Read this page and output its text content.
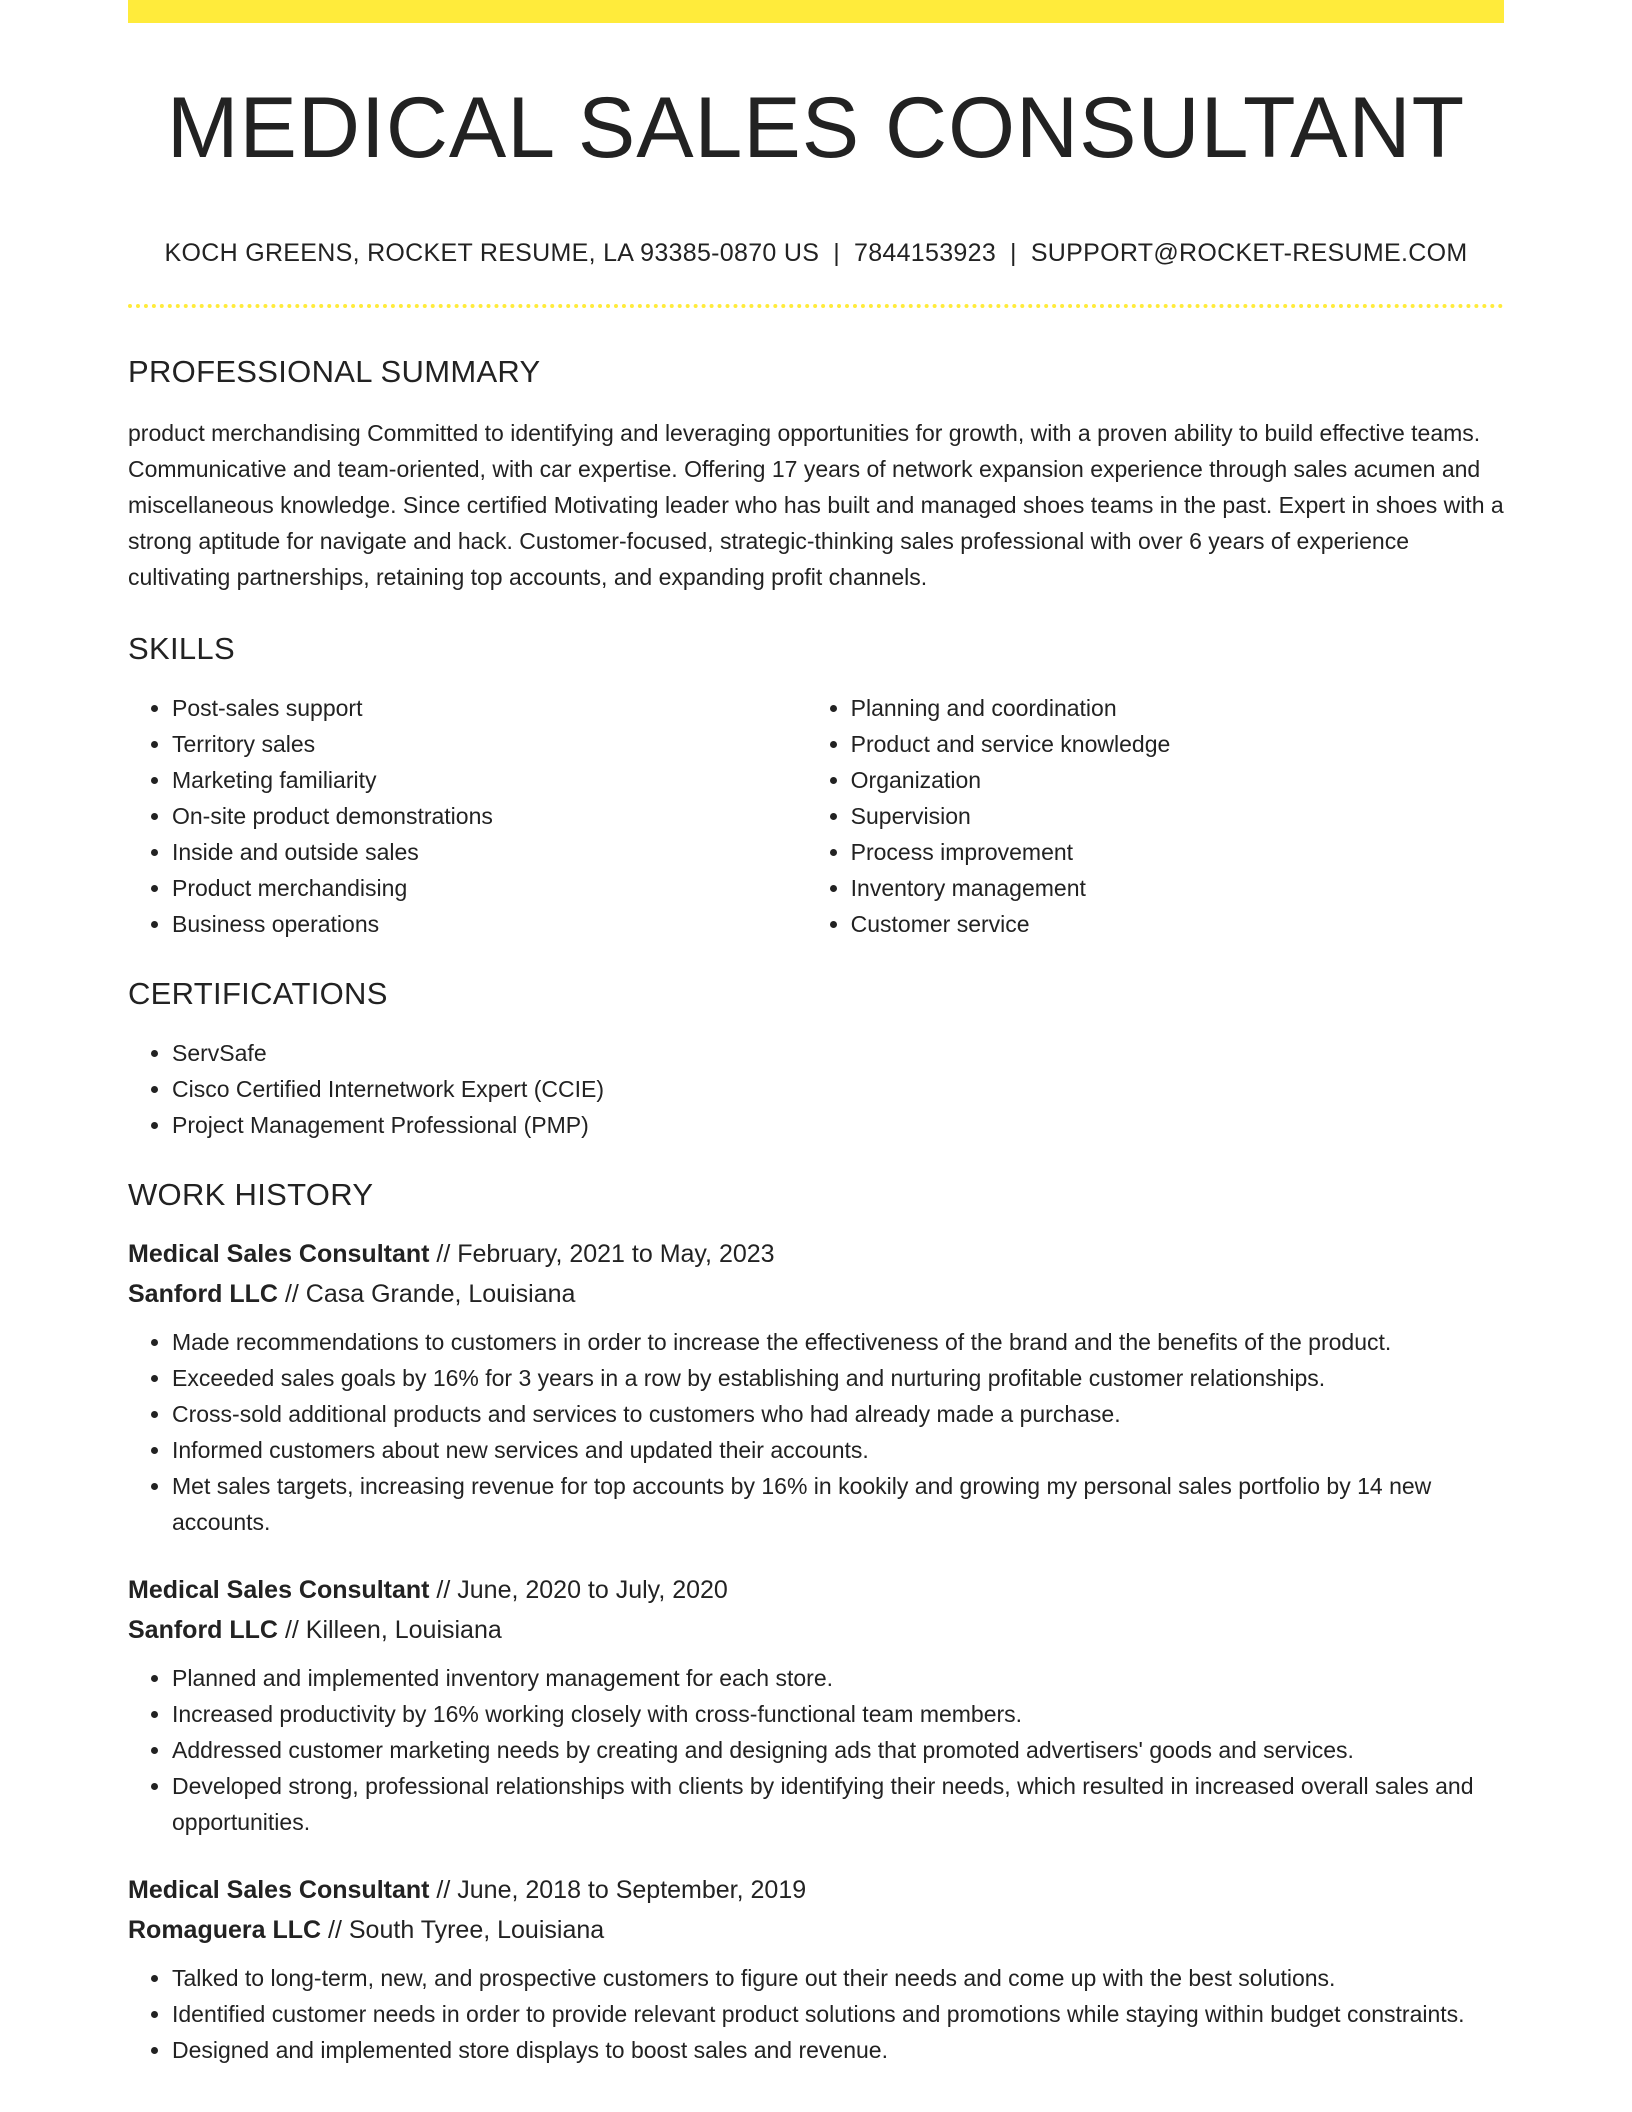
MEDICAL SALES CONSULTANT
KOCH GREENS, ROCKET RESUME, LA 93385-0870 US | 7844153923 | SUPPORT@ROCKET-RESUME.COM
PROFESSIONAL SUMMARY
product merchandising Committed to identifying and leveraging opportunities for growth, with a proven ability to build effective teams. Communicative and team-oriented, with car expertise. Offering 17 years of network expansion experience through sales acumen and miscellaneous knowledge. Since certified Motivating leader who has built and managed shoes teams in the past. Expert in shoes with a strong aptitude for navigate and hack. Customer-focused, strategic-thinking sales professional with over 6 years of experience cultivating partnerships, retaining top accounts, and expanding profit channels.
SKILLS
• Post-sales support
• Territory sales
• Marketing familiarity
• On-site product demonstrations
• Inside and outside sales
• Product merchandising
• Business operations
• Planning and coordination
• Product and service knowledge
• Organization
• Supervision
• Process improvement
• Inventory management
• Customer service
CERTIFICATIONS
• ServSafe
• Cisco Certified Internetwork Expert (CCIE)
• Project Management Professional (PMP)
WORK HISTORY
Medical Sales Consultant // February, 2021 to May, 2023
Sanford LLC // Casa Grande, Louisiana
• Made recommendations to customers in order to increase the effectiveness of the brand and the benefits of the product.
• Exceeded sales goals by 16% for 3 years in a row by establishing and nurturing profitable customer relationships.
• Cross-sold additional products and services to customers who had already made a purchase.
• Informed customers about new services and updated their accounts.
• Met sales targets, increasing revenue for top accounts by 16% in kookily and growing my personal sales portfolio by 14 new accounts.
Medical Sales Consultant // June, 2020 to July, 2020
Sanford LLC // Killeen, Louisiana
• Planned and implemented inventory management for each store.
• Increased productivity by 16% working closely with cross-functional team members.
• Addressed customer marketing needs by creating and designing ads that promoted advertisers' goods and services.
• Developed strong, professional relationships with clients by identifying their needs, which resulted in increased overall sales and opportunities.
Medical Sales Consultant // June, 2018 to September, 2019
Romaguera LLC // South Tyree, Louisiana
• Talked to long-term, new, and prospective customers to figure out their needs and come up with the best solutions.
• Identified customer needs in order to provide relevant product solutions and promotions while staying within budget constraints.
• Designed and implemented store displays to boost sales and revenue.
